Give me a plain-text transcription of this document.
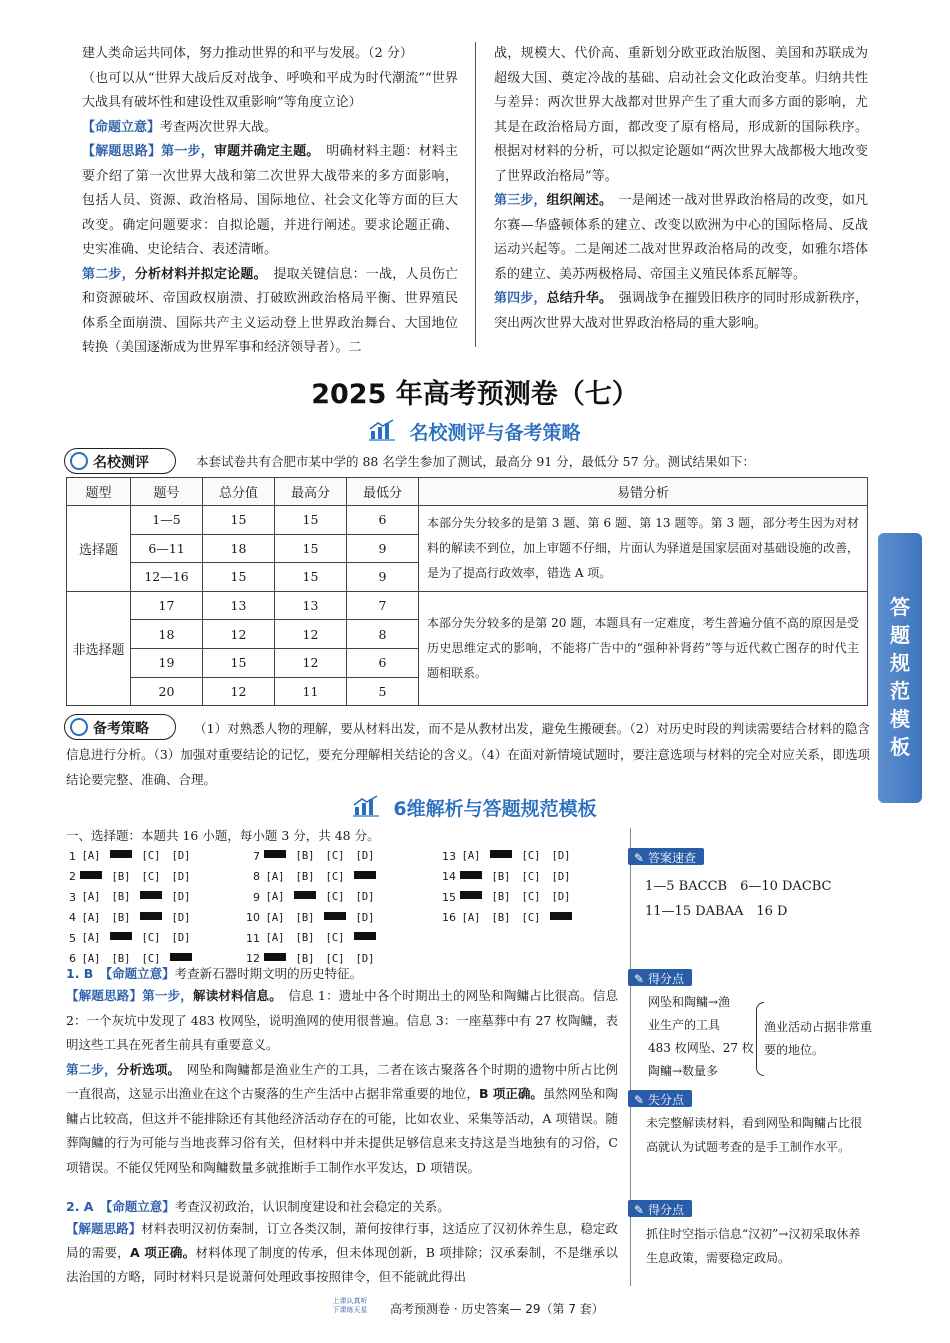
建人类命运共同体，努力推动世界的和平与发展。（2 分）

（也可以从“世界大战后反对战争、呼唤和平成为时代潮流”“世界大战具有破坏性和建设性双重影响”等角度立论）

【命题立意】考查两次世界大战。

【解题思路】第一步，审题并确定主题。　 明确材料主题：材料主要介绍了第一次世界大战和第二次世界大战带来的多方面影响，包括人员、资源、政治格局、国际地位、社会文化等方面的巨大改变。确定问题要求：自拟论题，并进行阐述。要求论题正确、史实准确、史论结合、表述清晰。

第二步，分析材料并拟定论题。　 提取关键信息：一战，人员伤亡和资源破坏、帝国政权崩溃、打破欧洲政治格局平衡、世界殖民体系全面崩溃、国际共产主义运动登上世界政治舞台、大国地位转换（美国逐渐成为世界军事和经济领导者）。二

战，规模大、代价高、重新划分欧亚政治版图、美国和苏联成为超级大国、奠定冷战的基础、启动社会文化政治变革。归纳共性与差异：两次世界大战都对世界产生了重大而多方面的影响，尤其是在政治格局方面，都改变了原有格局，形成新的国际秩序。根据对材料的分析，可以拟定论题如“两次世界大战都极大地改变了世界政治格局”等。

第三步，组织阐述。　 一是阐述一战对世界政治格局的改变，如凡尔赛—华盛顿体系的建立、改变以欧洲为中心的国际格局、反战运动兴起等。二是阐述二战对世界政治格局的改变，如雅尔塔体系的建立、美苏两极格局、帝国主义殖民体系瓦解等。

第四步，总结升华。　 强调战争在摧毁旧秩序的同时形成新秩序，突出两次世界大战对世界政治格局的重大影响。

2025 年高考预测卷（七）
名校测评与备考策略
名校测评	本套试卷共有合肥市某中学的 88 名学生参加了测试，最高分 91 分，最低分 57 分。测试结果如下：
题型	题号	总分值	最高分	最低分	易错分析
选择题	1—5	15	15	6	本部分失分较多的是第 3 题、第 6 题、第 13 题等。第 3 题，部分考生因为对材料的解读不到位，加上审题不仔细，片面认为驿道是国家层面对基础设施的改善，是为了提高行政效率，错选 A 项。
	6—11	18	15	9	
	12—16	15	15	9	
非选择题	17	13	13	7	本部分失分较多的是第 20 题，本题具有一定难度，考生普遍分值不高的原因是受历史思维定式的影响，不能将广告中的“强种补肾药”等与近代救亡图存的时代主题相联系。
	18	12	12	8	
	19	15	12	6	
	20	12	11	5	
答题规范模板
备考策略	（1）对熟悉人物的理解，要从材料出发，而不是从教材出发，避免生搬硬套。（2）对历史时段的判读需要结合材料的隐含信息进行分析。（3）加强对重要结论的记忆，要充分理解相关结论的含义。（4）在面对新情境试题时，要注意选项与材料的完全对应关系，即选项结论要完整、准确、合理。
6维解析与答题规范模板
一、选择题：本题共 16 小题，每小题 3 分，共 48 分。
1 [A]	[C]	[D]
2	[B]	[C]	[D]
3 [A]	[B]	[D]
4 [A]	[B]	[D]
5 [A]	[C]	[D]
6 [A]	[B]	[C]
7	[B]	[C]	[D]
8 [A]	[B]	[C]
9 [A]	[C]	[D]
10 [A]	[B]	[D]
11 [A]	[B]	[C]
12	[B]	[C]	[D]
13 [A]	[C]	[D]
14	[B]	[C]	[D]
15	[B]	[C]	[D]
16 [A]	[B]	[C]
✎ 答案速查
1—5 BACCB　6—10 DACBC
11—15 DABAA　16 D

1. B　 【命题立意】考查新石器时期文明的历史特征。

【解题思路】第一步，解读材料信息。　 信息 1：遗址中各个时期出土的网坠和陶鳙占比很高。信息 2：一个灰坑中发现了 483 枚网坠，说明渔网的使用很普遍。信息 3：一座墓葬中有 27 枚陶鳙，表明这些工具在死者生前具有重要意义。

第二步，分析选项。　 网坠和陶鳙都是渔业生产的工具，二者在该古聚落各个时期的遗物中所占比例一直很高，这显示出渔业在这个古聚落的生产生活中占据非常重要的地位，B 项正确。虽然网坠和陶鳙占比较高，但这并不能排除还有其他经济活动存在的可能，比如农业、采集等活动，A 项错误。随葬陶鳙的行为可能与当地丧葬习俗有关，但材料中并未提供足够信息来支持这是当地独有的习俗，C 项错误。不能仅凭网坠和陶鳙数量多就推断手工制作水平发达，D 项错误。

✎ 得分点
网坠和陶鳙→渔
业生产的工具
483 枚网坠、27 枚
陶鳙→数量多
渔业活动占据非常重要的地位。
✎ 失分点
未完整解读材料，看到网坠和陶鳙占比很高就认为试题考查的是手工制作水平。

2. A　 【命题立意】考查汉初政治，认识制度建设和社会稳定的关系。

【解题思路】材料表明汉初仿秦制，订立各类汉制，萧何按律行事，这适应了汉初休养生息，稳定政局的需要，A 项正确。材料体现了制度的传承，但未体现创新，B 项排除；汉承秦制，不是继承以法治国的方略，同时材料只是说萧何处理政事按照律令，但不能就此得出

✎ 得分点
抓住时空指示信息“汉初”→汉初采取休养生息政策，需要稳定政局。
上课认真听
下课练天星	高考预测卷 · 历史答案— 29（第 7 套）
